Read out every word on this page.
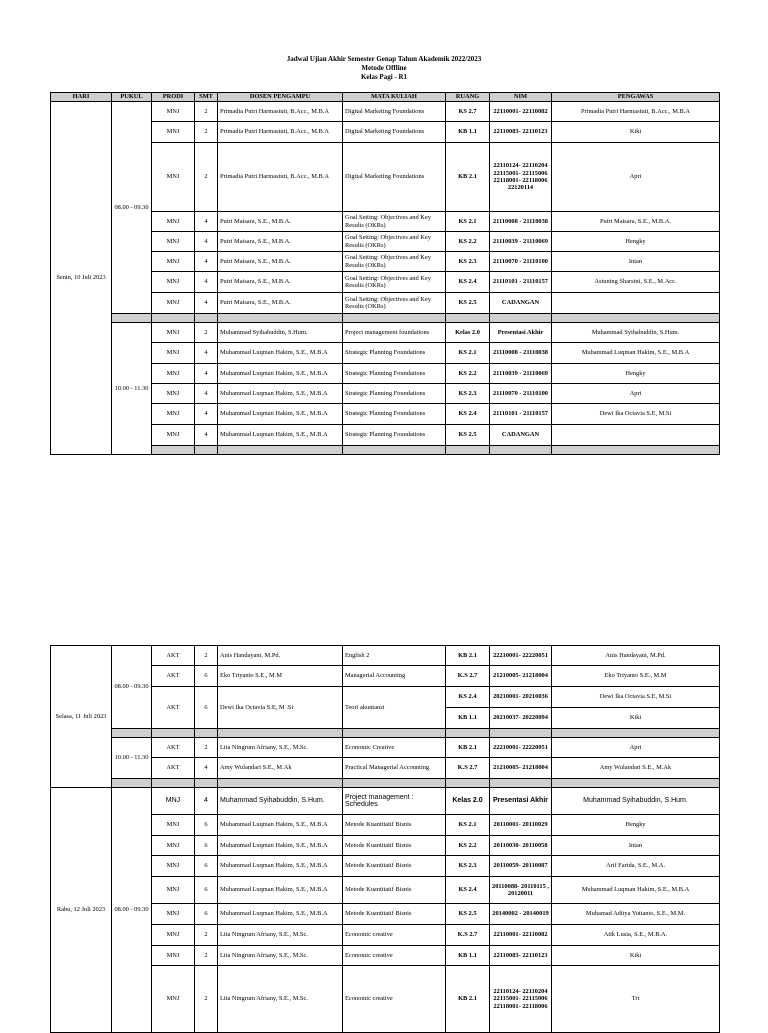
Jadwal Ujian Akhir Semester Genap Tahun Akademik 2022/2023
Metode Offline
Kelas Pagi - R1
HARI	PUKUL	PRODI	SMT	DOSEN PENGAMPU	MATA KULIAH	RUANG	NIM	PENGAWAS	
Senin, 10 Juli 2023	08.00 - 09.30	MNJ	2	Primadia Putri Harmastuti, B.Acc., M.B.A	Digital Marketing Foundations	KS 2.7	22110001- 22110082	Primadia Putri Harmastuti, B.Acc., M.B.A	
		MNJ	2	Primadia Putri Harmastuti, B.Acc., M.B.A	Digital Marketing Foundations	KB 1.1	22110083- 22110123	Kiki	
		MNJ	2	Primadia Putri Harmastuti, B.Acc., M.B.A	Digital Marketing Foundations	KB 2.1	22110124- 22110204 22115001- 22115006 22118001- 22118006 22120114	Apri	
		MNJ	4	Putri Maisara, S.E., M.B.A.	Goal Setting: Objectives and Key Results (OKRs)	KS 2.1	21110008 - 21110038	Putri Maisara, S.E., M.B.A.	
		MNJ	4	Putri Maisara, S.E., M.B.A.	Goal Setting: Objectives and Key Results (OKRs)	KS 2.2	21110039 - 21110069	Hengky	
		MNJ	4	Putri Maisara, S.E., M.B.A.	Goal Setting: Objectives and Key Results (OKRs)	KS 2.3	21110070 - 21110100	Intan	
		MNJ	4	Putri Maisara, S.E., M.B.A.	Goal Setting: Objectives and Key Results (OKRs)	KS 2.4	21110101 - 21110157	Astuning Sharsini, S.E., M.Acc.	
		MNJ	4	Putri Maisara, S.E., M.B.A.	Goal Setting: Objectives and Key Results (OKRs)	KS 2.5	CADANGAN		

	10.00 - 11.30	MNJ	2	Muhammad Syihabuddin, S.Hum.	Project management foundations	Kelas 2.0	Presentasi Akhir	Muhammad Syihabuddin, S.Hum.	
		MNJ	4	Muhammad Luqman Hakim, S.E., M.B.A	Strategic Planning Foundations	KS 2.1	21110008 - 21110038	Muhammad Luqman Hakim, S.E., M.B.A	
		MNJ	4	Muhammad Luqman Hakim, S.E., M.B.A	Strategic Planning Foundations	KS 2.2	21110039 - 21110069	Hengky	
		MNJ	4	Muhammad Luqman Hakim, S.E., M.B.A	Strategic Planning Foundations	KS 2.3	21110070 - 21110100	Apri	
		MNJ	4	Muhammad Luqman Hakim, S.E., M.B.A	Strategic Planning Foundations	KS 2.4	21110101 - 21110157	Dewi Ika Octavia S.E, M.Si	
		MNJ	4	Muhammad Luqman Hakim, S.E., M.B.A	Strategic Planning Foundations	KS 2.5	CADANGAN		

Selasa, 11 Juli 2023	08.00 - 09.30	AKT	2	Anis Handayani, M.Pd.	English 2	KB 2.1	22210001- 22220051	Anis Handayani, M.Pd.
		AKT	6	Eko Triyanto S.E., M.M	Managerial Accounting	K.S 2.7	21210005- 21218004	Eko Triyanto S.E., M.M
		AKT	6	Dewi Ika Octavia S.E, M .Si	Teori akuntansi	KS 2.4	20210001- 20210036	Dewi Ika Octavia S.E, M.Si
						KB 1.1	20210037- 20220094	Kiki

	10.00 - 11.30	AKT	2	Lita Ningrum Afriany, S.E., M.Sc.	Economic Creative	KB 2.1	22210001- 22220051	Apri
		AKT	4	Amy Wulandari S.E., M.Ak	Practical Managerial Accounting	K.S 2.7	21210005- 21218004	Amy Wulandari S.E., M.Ak

Rabu, 12 Juli 2023	08.00 - 09.30	MNJ	4	Muhammad Syihabuddin, S.Hum.	Project management : Schedules	Kelas 2.0	Presentasi Akhir	Muhammad Syihabuddin, S.Hum.
		MNJ	6	Muhammad Luqman Hakim, S.E., M.B.A	Metode Kuantitatif Bisnis	KS 2.1	20110001- 20110029	Hengky
		MNJ	6	Muhammad Luqman Hakim, S.E., M.B.A	Metode Kuantitatif Bisnis	KS 2.2	20110030- 20110058	Intan
		MNJ	6	Muhammad Luqman Hakim, S.E., M.B.A	Metode Kuantitatif Bisnis	KS 2.3	20110059- 20110087	Arif Farida, S.E., M.A.
		MNJ	6	Muhammad Luqman Hakim, S.E., M.B.A	Metode Kuantitatif Bisnis	KS 2.4	20110088- 20110115 , 20120011	Muhammad Luqman Hakim, S.E., M.B.A
		MNJ	6	Muhammad Luqman Hakim, S.E., M.B.A	Metode Kuantitatif Bisnis	KS 2.5	20140002 - 20140019	Muhamad Aditya Yutianto, S.E., M.M.
		MNJ	2	Lita Ningrum Afriany, S.E., M.Sc.	Economic creative	K.S 2.7	22110001- 22110082	Atik Lusia, S.E., M.B.A.
		MNJ	2	Lita Ningrum Afriany, S.E., M.Sc.	Economic creative	KB 1.1	22110083- 22110123	Kiki
		MNJ	2	Lita Ningrum Afriany, S.E., M.Sc.	Economic creative	KB 2.1	22110124- 22110204 22115001- 22115006 22118001- 22118006	Tri
